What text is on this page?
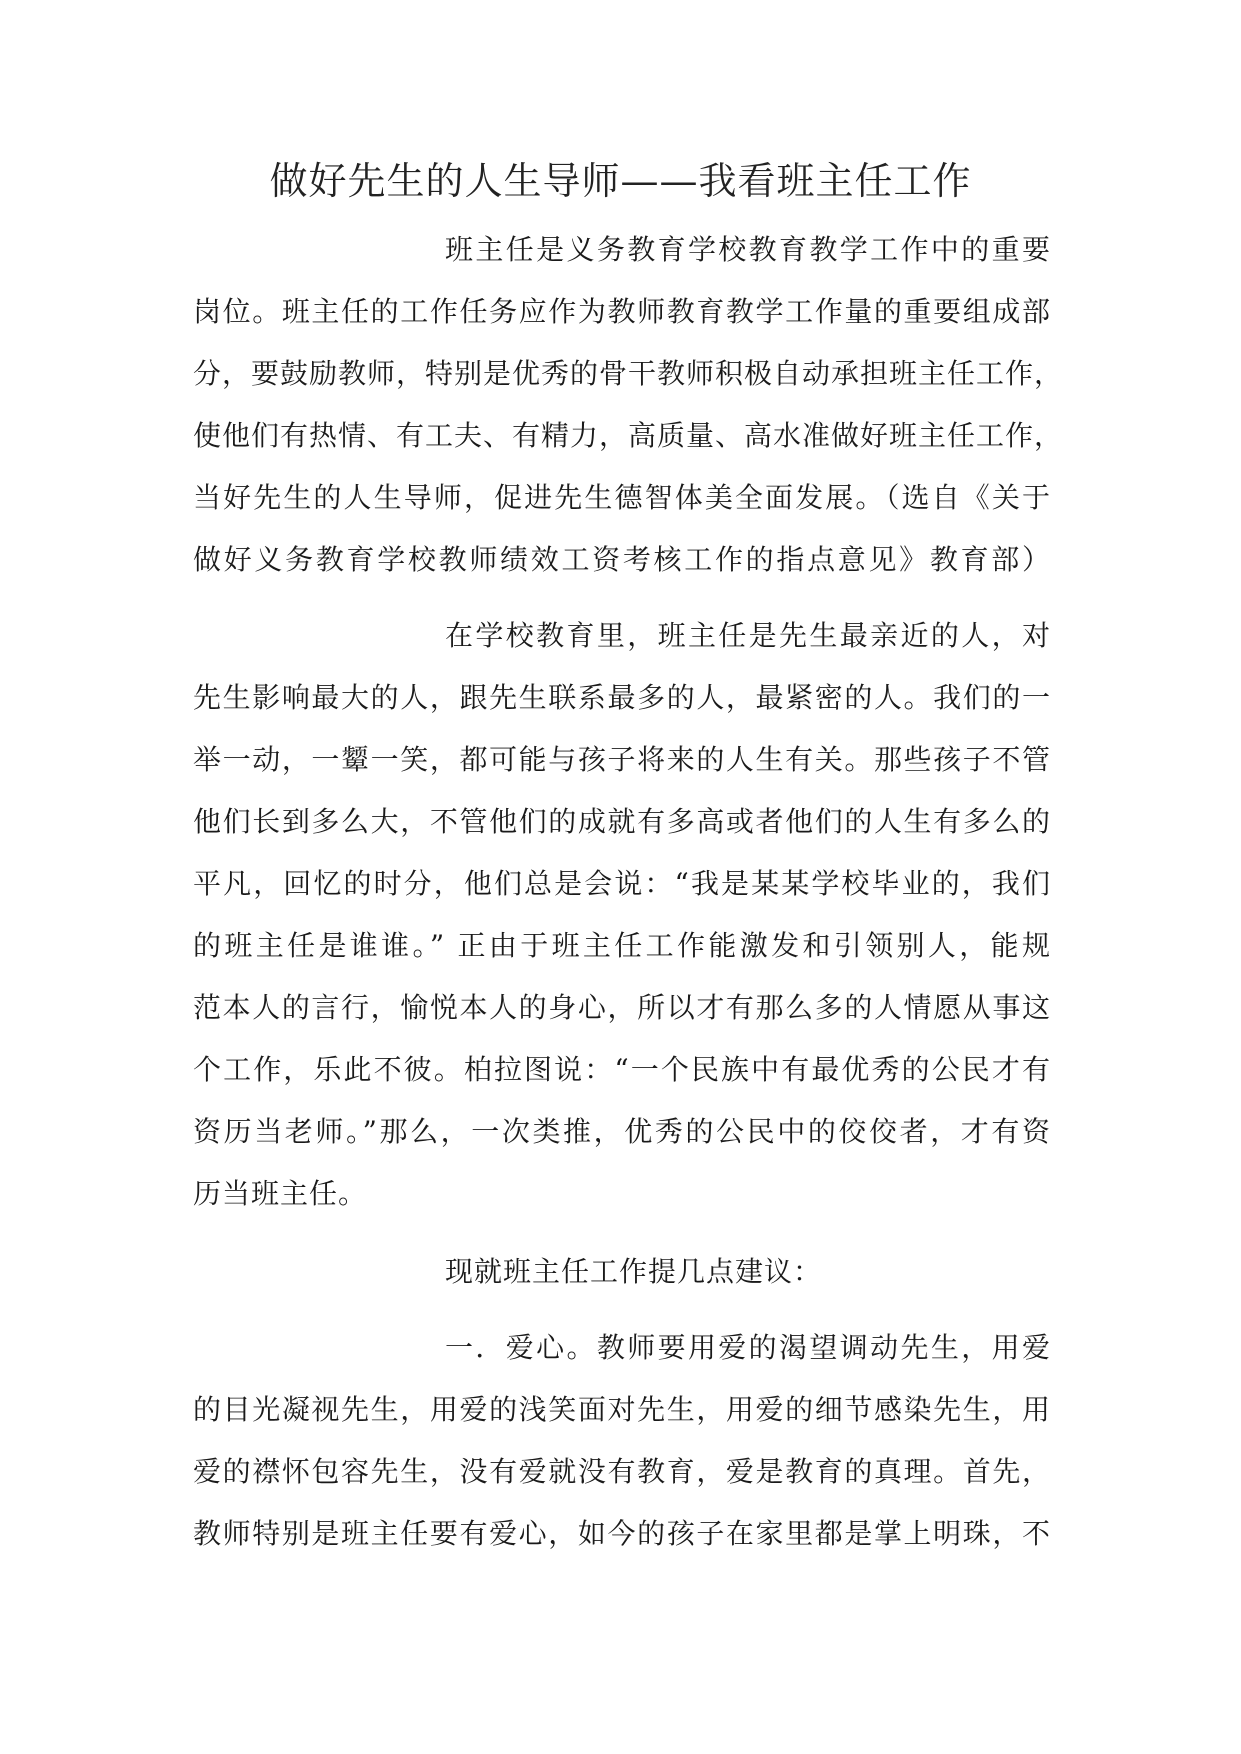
做好先生的人生导师——我看班主任工作
班主任是义务教育学校教育教学工作中的重要
岗位。班主任的工作任务应作为教师教育教学工作量的重要组成部
分，要鼓励教师，特别是优秀的骨干教师积极自动承担班主任工作，
使他们有热情、有工夫、有精力，高质量、高水准做好班主任工作，
当好先生的人生导师，促进先生德智体美全面发展。（选自《关于
做好义务教育学校教师绩效工资考核工作的指点意见》教育部）
在学校教育里，班主任是先生最亲近的人，对
先生影响最大的人，跟先生联系最多的人，最紧密的人。我们的一
举一动，一颦一笑，都可能与孩子将来的人生有关。那些孩子不管
他们长到多么大，不管他们的成就有多高或者他们的人生有多么的
平凡，回忆的时分，他们总是会说：“我是某某学校毕业的，我们
的班主任是谁谁。” 正由于班主任工作能激发和引领别人，能规
范本人的言行，愉悦本人的身心，所以才有那么多的人情愿从事这
个工作，乐此不彼。柏拉图说：“一个民族中有最优秀的公民才有
资历当老师。”那么，一次类推，优秀的公民中的佼佼者，才有资
历当班主任。
现就班主任工作提几点建议：
一．爱心。教师要用爱的渴望调动先生，用爱
的目光凝视先生，用爱的浅笑面对先生，用爱的细节感染先生，用
爱的襟怀包容先生，没有爱就没有教育，爱是教育的真理。首先，
教师特别是班主任要有爱心，如今的孩子在家里都是掌上明珠，不
